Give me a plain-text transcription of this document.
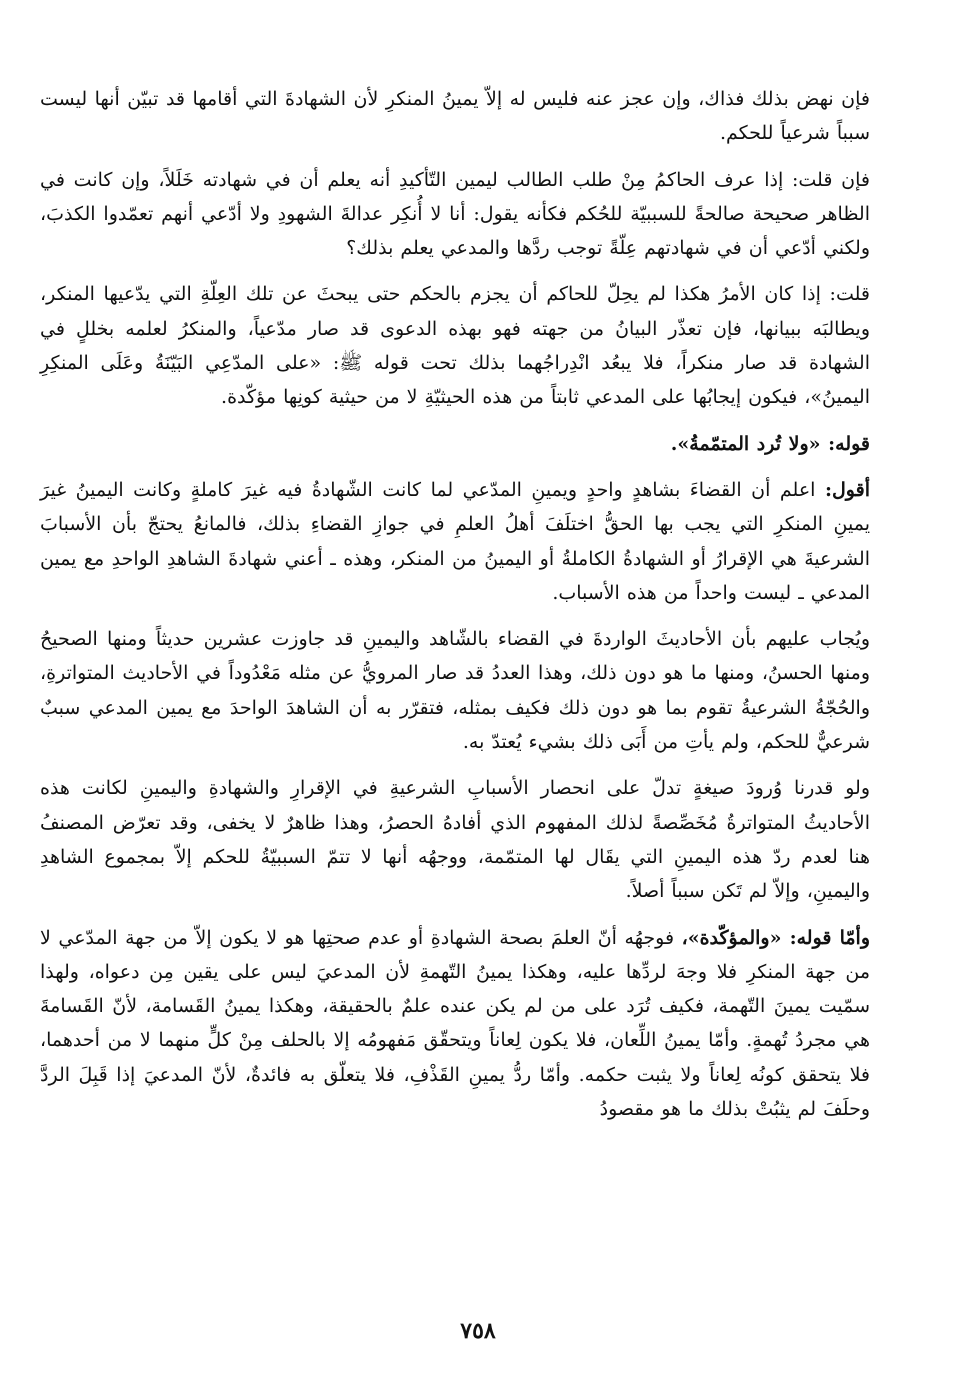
فإن نهض بذلك فذاك، وإن عجز عنه فليس له إلاّ يمينُ المنكرِ لأن الشهادةَ التي أقامها قد تبيّن أنها ليست سبباً شرعياً للحكم.

فإن قلت: إذا عرف الحاكمُ مِنْ طلب الطالب ليمين التّأكيدِ أنه يعلم أن في شهادته خَلَلاً، وإن كانت في الظاهر صحيحة صالحةً للسببيّة للحُكم فكأنه يقول: أنا لا أُنكِر عدالةَ الشهودِ ولا أدّعي أنهم تعمّدوا الكذبَ، ولكني أدّعي أن في شهادتهم عِلّةً توجب ردَّها والمدعي يعلم بذلك؟

قلت: إذا كان الأمرُ هكذا لم يحِلّ للحاكم أن يجزم بالحكم حتى يبحثَ عن تلك العِلّةِ التي يدّعيها المنكر، ويطالبَه ببيانها، فإن تعذّر البيانُ من جهته فهو بهذه الدعوى قد صار مدّعياً، والمنكرُ لعلمه بخللٍ في الشهادة قد صار منكراً، فلا يبعُد انْدِراجُهما بذلك تحت قوله ﷺ: «على المدّعِي البَيّنَةُ وعَلَى المنكِرِ اليمينُ»، فيكون إيجابُها على المدعي ثابتاً من هذه الحيثيّةِ لا من حيثية كونِها مؤكّدة.

قوله: «ولا تُرد المتمّمةُ».

أقول: اعلم أن القضاءَ بشاهدٍ واحدٍ ويمينِ المدّعي لما كانت الشّهادةُ فيه غيرَ كاملةٍ وكانت اليمينُ غيرَ يمينِ المنكرِ التي يجب بها الحقُّ اختلَفَ أهلُ العلمِ في جوازِ القضاءِ بذلك، فالمانعُ يحتجّ بأن الأسبابَ الشرعيةَ هي الإقرارُ أو الشهادةُ الكاملةُ أو اليمينُ من المنكر، وهذه ـ أعني شهادةَ الشاهدِ الواحدِ مع يمين المدعي ـ ليست واحداً من هذه الأسباب.

ويُجاب عليهم بأن الأحاديثَ الواردةَ في القضاء بالشّاهد واليمينِ قد جاوزت عشرين حديثاً ومنها الصحيحُ ومنها الحسنُ، ومنها ما هو دون ذلك، وهذا العددُ قد صار المرويُّ عن مثله مَعْدُوداً في الأحاديث المتواترةِ، والحُجّةُ الشرعيةُ تقوم بما هو دون ذلك فكيف بمثله، فتقرّر به أن الشاهدَ الواحدَ مع يمين المدعي سببٌ شرعيٌّ للحكم، ولم يأتِ من أَبَى ذلك بشيء يُعتدّ به.

ولو قدرنا وُرودَ صيغةٍ تدلّ على انحصار الأسبابِ الشرعيةِ في الإقرارِ والشهادةِ واليمينِ لكانت هذه الأحاديثُ المتواترةُ مُخَصِّصةً لذلك المفهوم الذي أفادهُ الحصرُ، وهذا ظاهرٌ لا يخفى، وقد تعرّض المصنفُ هنا لعدم ردّ هذه اليمينِ التي يقَال لها المتمّمة، ووجهُه أنها لا تتمّ السببيّةُ للحكم إلاّ بمجموع الشاهدِ واليمينِ، وإلاّ لم تَكن سبباً أصلاً.

وأمّا قوله: «والمؤكّدة»، فوجهُه أنّ العلمَ بصحة الشهادةِ أو عدم صحتِها هو لا يكون إلاّ من جهة المدّعي لا من جهة المنكرِ فلا وجهَ لردِّها عليه، وهكذا يمينُ التّهمةِ لأن المدعيَ ليس على يقين مِن دعواه، ولهذا سمّيت يمينَ التّهمة، فكيف تُرَد على من لم يكن عنده علمٌ بالحقيقة، وهكذا يمينُ القَسامة، لأنّ القَسامةَ هي مجردُ تُهمةٍ. وأمّا يمينُ اللِّعان، فلا يكون لِعاناً ويتحقّق مَفهومُه إلا بالحلف مِنْ كلٍّ منهما لا من أحدهما، فلا يتحقق كونُه لِعاناً ولا يثبت حكمه. وأمّا ردُّ يمينِ القَذْفِ، فلا يتعلّق به فائدةٌ، لأنّ المدعيَ إذا قَبِلَ الردَّ وحلَفَ لم يثبُتْ بذلك ما هو مقصودُ

٧٥٨
